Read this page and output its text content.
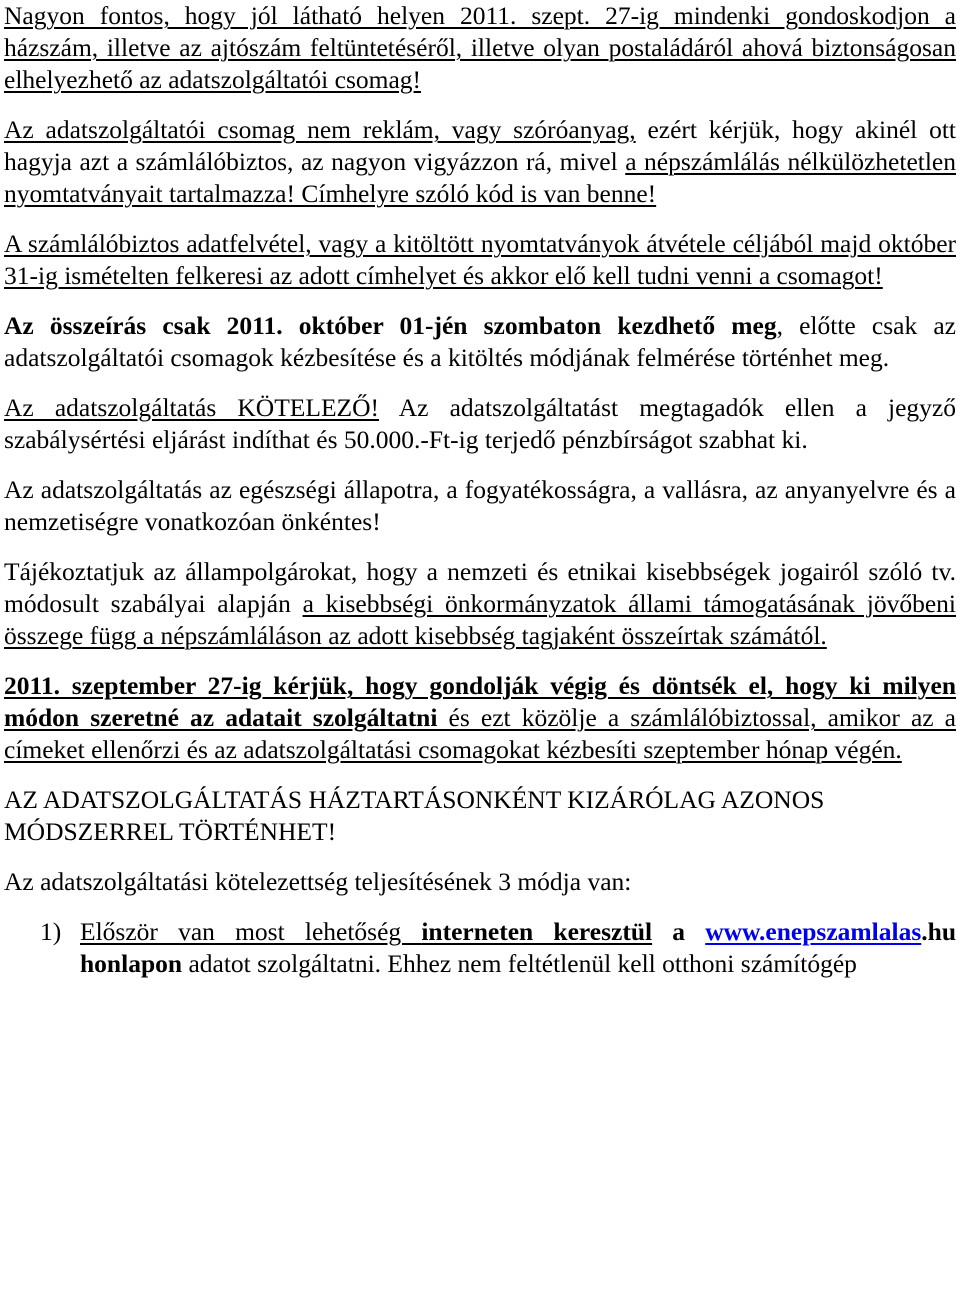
Nagyon fontos, hogy jól látható helyen 2011. szept. 27-ig mindenki gondoskodjon a házszám, illetve az ajtószám feltüntetéséről, illetve olyan postaládáról ahová biztonságosan elhelyezhető az adatszolgáltatói csomag!

Az adatszolgáltatói csomag nem reklám, vagy szóróanyag, ezért kérjük, hogy akinél ott hagyja azt a számlálóbiztos, az nagyon vigyázzon rá, mivel a népszámlálás nélkülözhetetlen nyomtatványait tartalmazza! Címhelyre szóló kód is van benne!

A számlálóbiztos adatfelvétel, vagy a kitöltött nyomtatványok átvétele céljából majd október 31-ig ismételten felkeresi az adott címhelyet és akkor elő kell tudni venni a csomagot!

Az összeírás csak 2011. október 01-jén szombaton kezdhető meg, előtte csak az adatszolgáltatói csomagok kézbesítése és a kitöltés módjának felmérése történhet meg.

Az adatszolgáltatás KÖTELEZŐ! Az adatszolgáltatást megtagadók ellen a jegyző szabálysértési eljárást indíthat és 50.000.-Ft-ig terjedő pénzbírságot szabhat ki.

Az adatszolgáltatás az egészségi állapotra, a fogyatékosságra, a vallásra, az anyanyelvre és a nemzetiségre vonatkozóan önkéntes!

Tájékoztatjuk az állampolgárokat, hogy a nemzeti és etnikai kisebbségek jogairól szóló tv. módosult szabályai alapján a kisebbségi önkormányzatok állami támogatásának jövőbeni összege függ a népszámláláson az adott kisebbség tagjaként összeírtak számától.

2011. szeptember 27-ig kérjük, hogy gondolják végig és döntsék el, hogy ki milyen módon szeretné az adatait szolgáltatni és ezt közölje a számlálóbiztossal, amikor az a címeket ellenőrzi és az adatszolgáltatási csomagokat kézbesíti szeptember hónap végén.

AZ ADATSZOLGÁLTATÁS HÁZTARTÁSONKÉNT KIZÁRÓLAG AZONOS MÓDSZERREL TÖRTÉNHET!

Az adatszolgáltatási kötelezettség teljesítésének 3 módja van:

1) Először van most lehetőség interneten keresztül a www.enepszamlalas.hu honlapon adatot szolgáltatni. Ehhez nem feltétlenül kell otthoni számítógép
